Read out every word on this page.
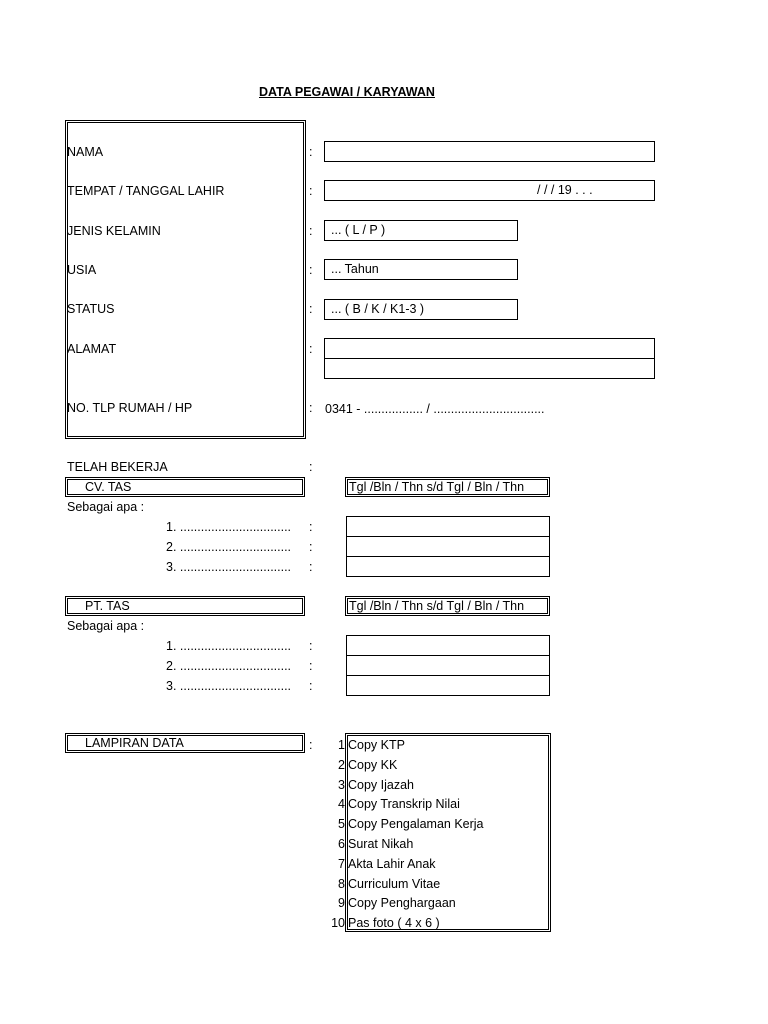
DATA PEGAWAI / KARYAWAN
NAMA	:
TEMPAT / TANGGAL LAHIR	:	/ / / 19 . . .
JENIS KELAMIN	:	... ( L / P )
USIA	:	... Tahun
STATUS	:	... ( B / K / K1-3 )
ALAMAT	:
NO. TLP RUMAH / HP	: 0341 - ................. / ................................
TELAH BEKERJA	:
CV. TAS	Tgl /Bln / Thn s/d Tgl / Bln / Thn
Sebagai apa :
1. ................................ :
2. ................................ :
3. ................................ :
PT. TAS	Tgl /Bln / Thn s/d Tgl / Bln / Thn
Sebagai apa :
1. ................................ :
2. ................................ :
3. ................................ :
LAMPIRAN DATA	:	1 Copy KTP
2 Copy KK
3 Copy Ijazah
4 Copy Transkrip Nilai
5 Copy Pengalaman Kerja
6 Surat Nikah
7 Akta Lahir Anak
8 Curriculum Vitae
9 Copy Penghargaan
10 Pas foto ( 4 x 6 )
